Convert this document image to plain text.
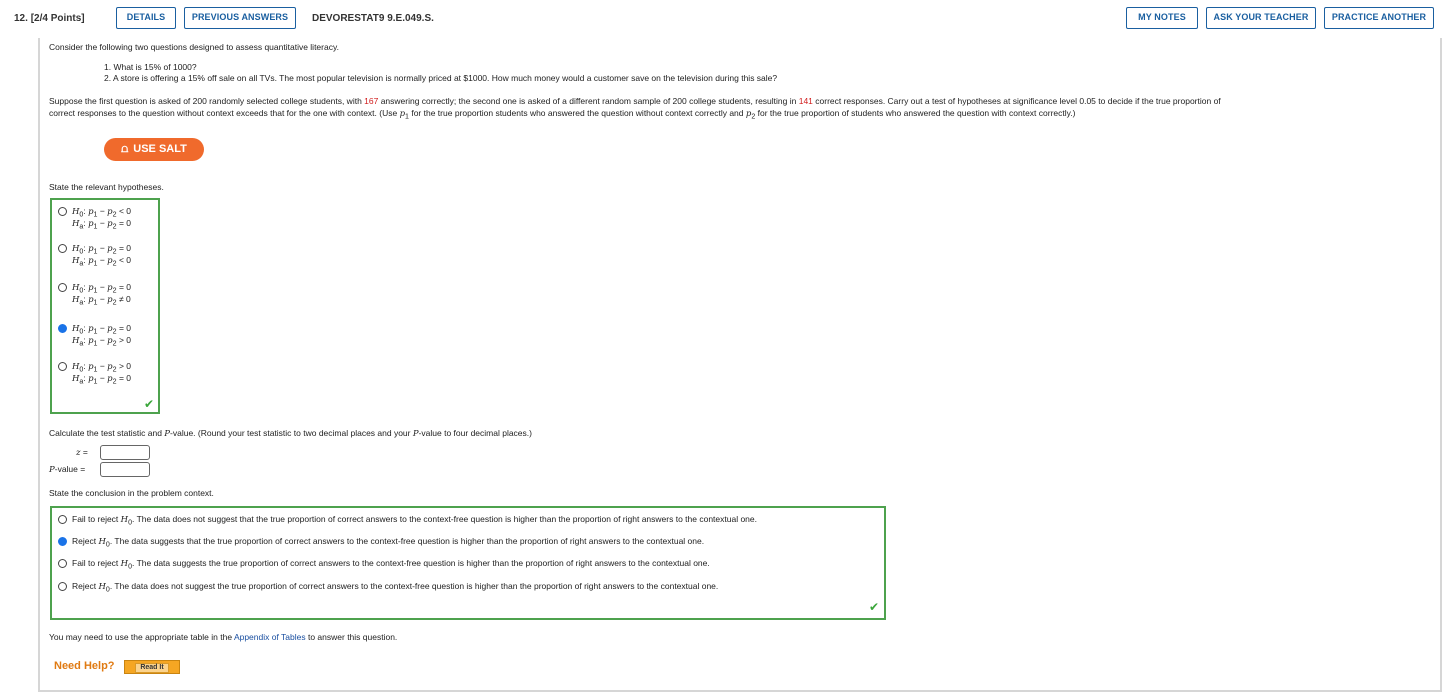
12. [2/4 Points]	DETAILS	PREVIOUS ANSWERS	DEVORESTAT9 9.E.049.S.	MY NOTES	ASK YOUR TEACHER	PRACTICE ANOTHER
Consider the following two questions designed to assess quantitative literacy.
1. What is 15% of 1000?
2. A store is offering a 15% off sale on all TVs. The most popular television is normally priced at $1000. How much money would a customer save on the television during this sale?
Suppose the first question is asked of 200 randomly selected college students, with 167 answering correctly; the second one is asked of a different random sample of 200 college students, resulting in 141 correct responses. Carry out a test of hypotheses at significance level 0.05 to decide if the true proportion of
correct responses to the question without context exceeds that for the one with context. (Use $p_1$ for the true proportion students who answered the question without context correctly and $p_2$ for the true proportion of students who answered the question with context correctly.)
⩍ USE SALT
State the relevant hypotheses.
$H_0$: $p_1 - p_2 < 0$
$H_a$: $p_1 - p_2 = 0$
$H_0$: $p_1 - p_2 = 0$
$H_a$: $p_1 - p_2 < 0$
$H_0$: $p_1 - p_2 = 0$
$H_a$: $p_1 - p_2 \ne 0$
$H_0$: $p_1 - p_2 = 0$
$H_a$: $p_1 - p_2 > 0$
$H_0$: $p_1 - p_2 > 0$
$H_a$: $p_1 - p_2 = 0$
✔
Calculate the test statistic and P-value. (Round your test statistic to two decimal places and your P-value to four decimal places.)
z =
P-value =
State the conclusion in the problem context.
Fail to reject $H_0$. The data does not suggest that the true proportion of correct answers to the context-free question is higher than the proportion of right answers to the contextual one.
Reject $H_0$. The data suggests that the true proportion of correct answers to the context-free question is higher than the proportion of right answers to the contextual one.
Fail to reject $H_0$. The data suggests the true proportion of correct answers to the context-free question is higher than the proportion of right answers to the contextual one.
Reject $H_0$. The data does not suggest the true proportion of correct answers to the context-free question is higher than the proportion of right answers to the contextual one.
✔
You may need to use the appropriate table in the Appendix of Tables to answer this question.
Need Help?	Read It
